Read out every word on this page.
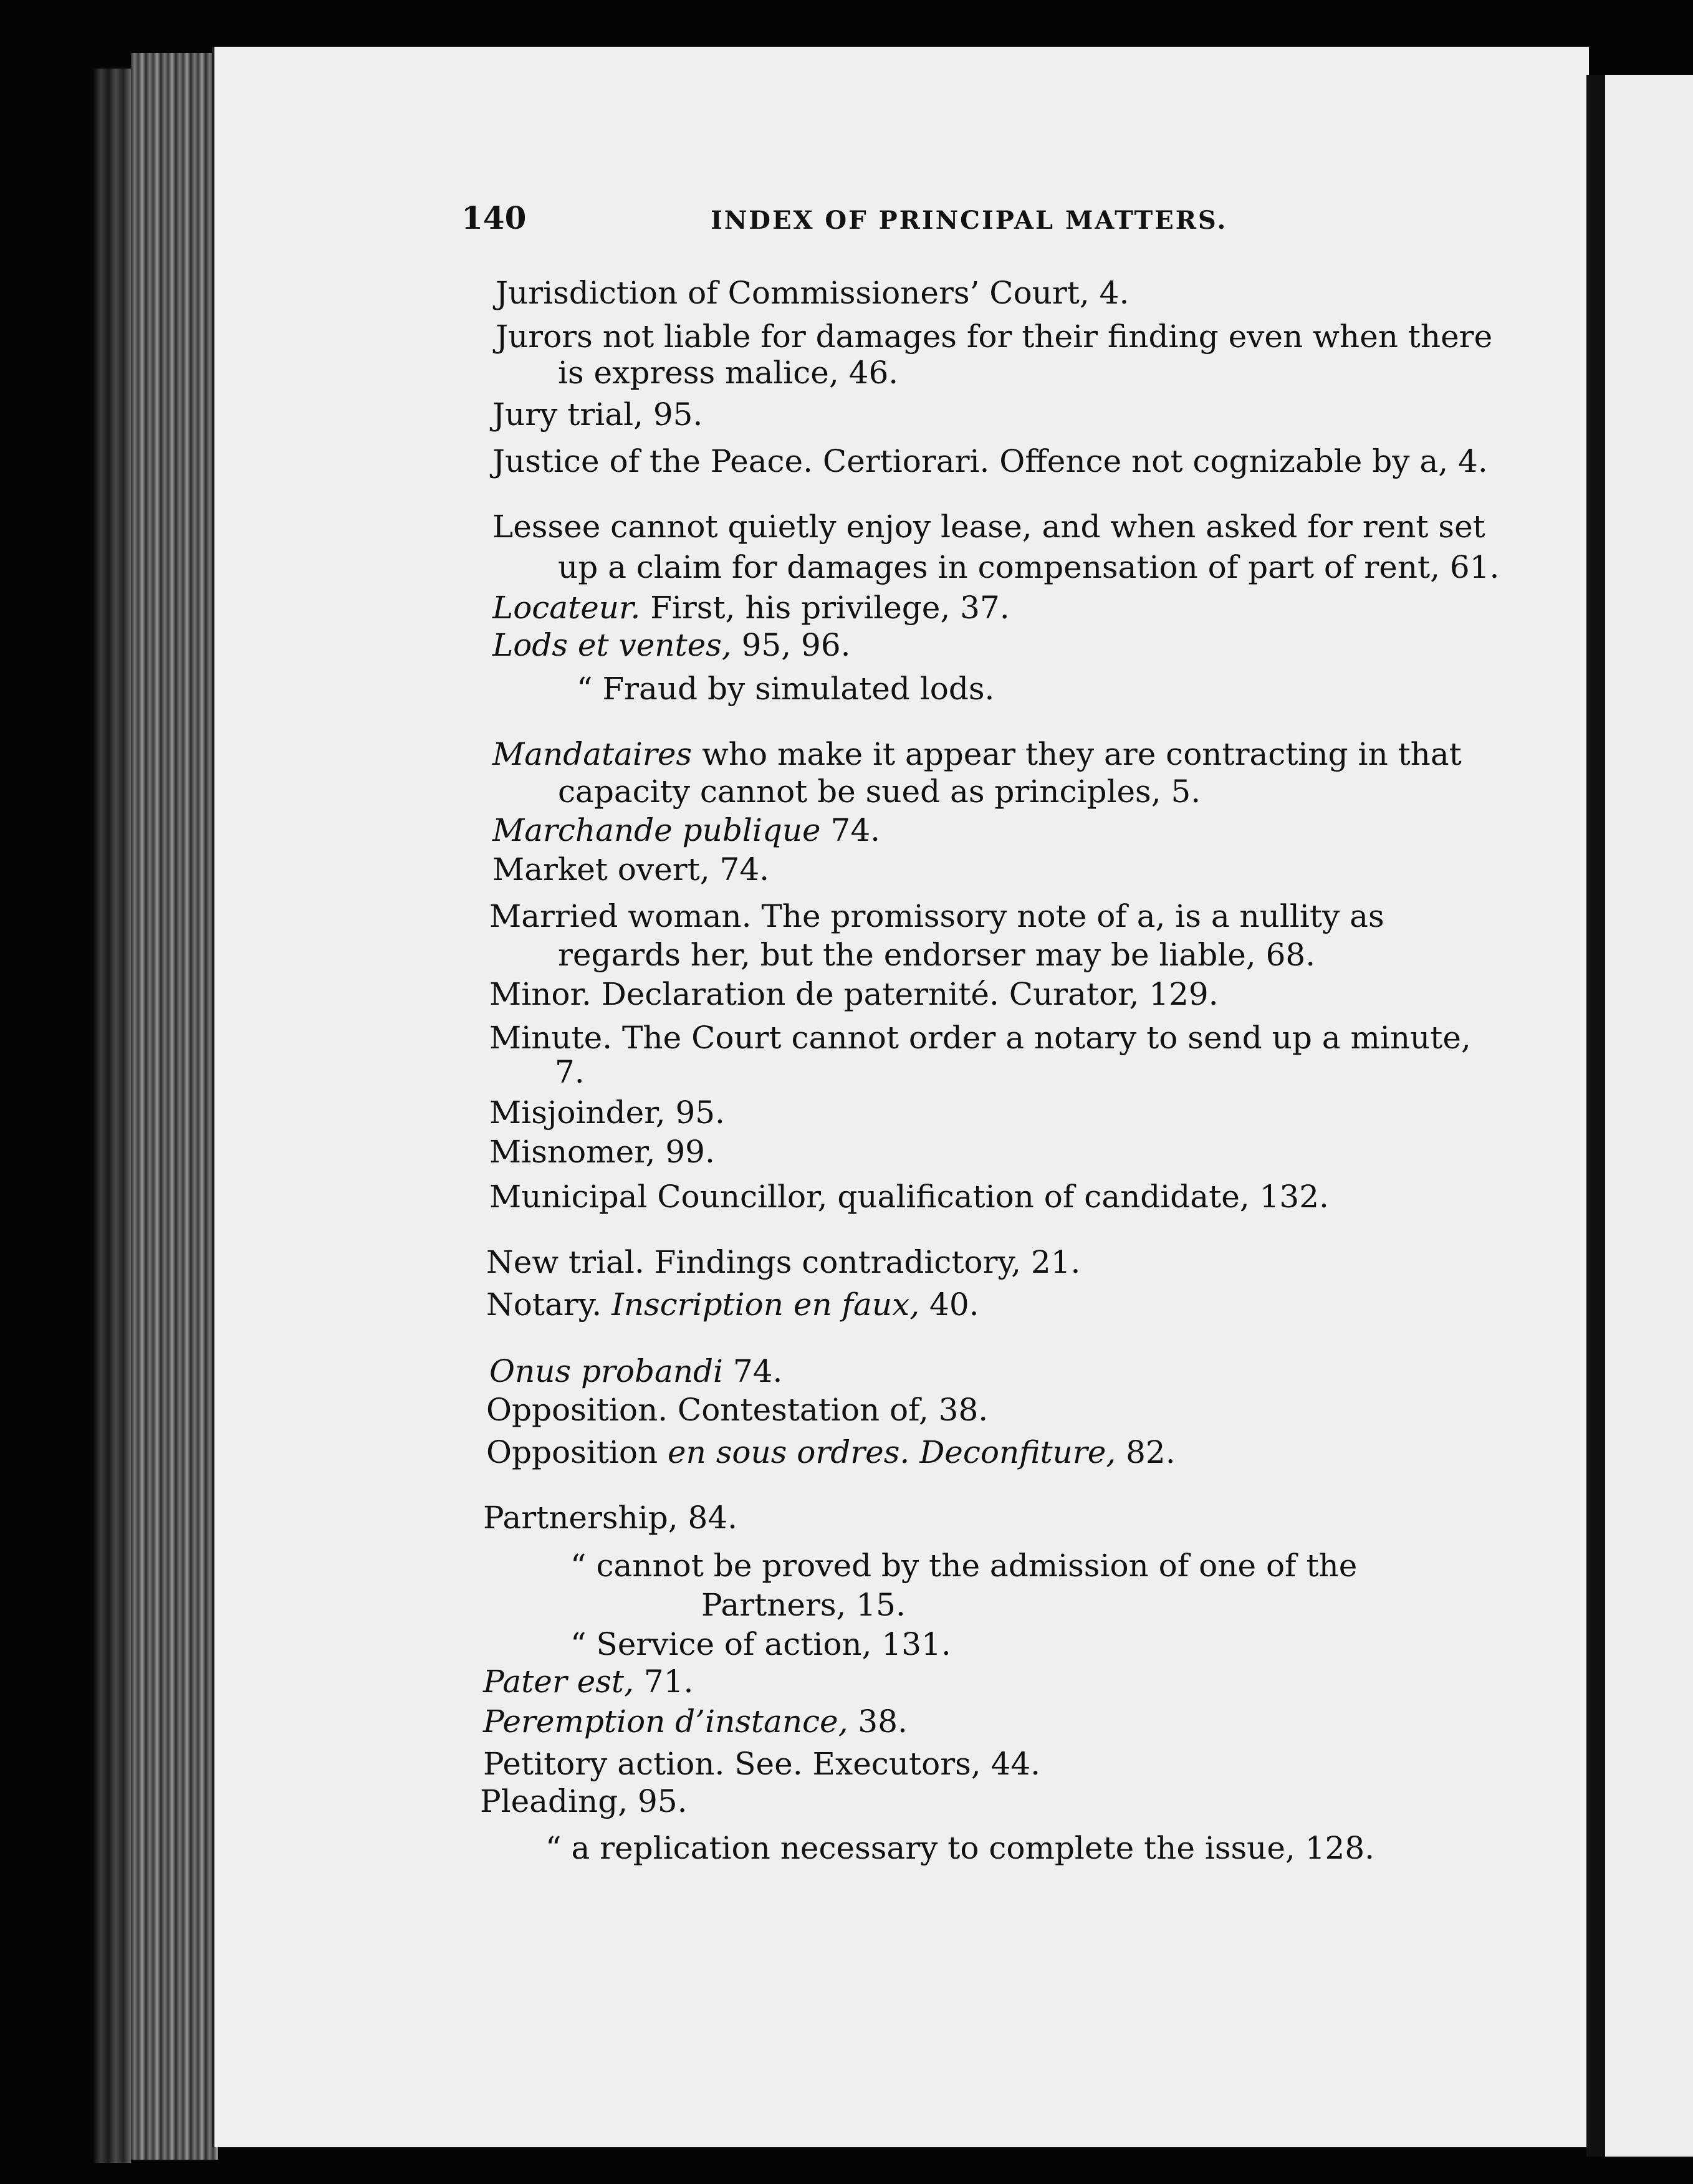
140	INDEX OF PRINCIPAL MATTERS.
Jurisdiction of Commissioners’ Court, 4.
Jurors not liable for damages for their finding even when there
is express malice, 46.
Jury trial, 95.
Justice of the Peace. Certiorari. Offence not cognizable by a, 4.
Lessee cannot quietly enjoy lease, and when asked for rent set
up a claim for damages in compensation of part of rent, 61.
Locateur. First, his privilege, 37.
Lods et ventes, 95, 96.
“ Fraud by simulated lods.
Mandataires who make it appear they are contracting in that
capacity cannot be sued as principles, 5.
Marchande publique 74.
Market overt, 74.
Married woman. The promissory note of a, is a nullity as
regards her, but the endorser may be liable, 68.
Minor. Declaration de paternité. Curator, 129.
Minute. The Court cannot order a notary to send up a minute,
7.
Misjoinder, 95.
Misnomer, 99.
Municipal Councillor, qualification of candidate, 132.
New trial. Findings contradictory, 21.
Notary. Inscription en faux, 40.
Onus probandi 74.
Opposition. Contestation of, 38.
Opposition en sous ordres. Deconfiture, 82.
Partnership, 84.
“ cannot be proved by the admission of one of the
Partners, 15.
“ Service of action, 131.
Pater est, 71.
Peremption d’instance, 38.
Petitory action. See. Executors, 44.
Pleading, 95.
“ a replication necessary to complete the issue, 128.
